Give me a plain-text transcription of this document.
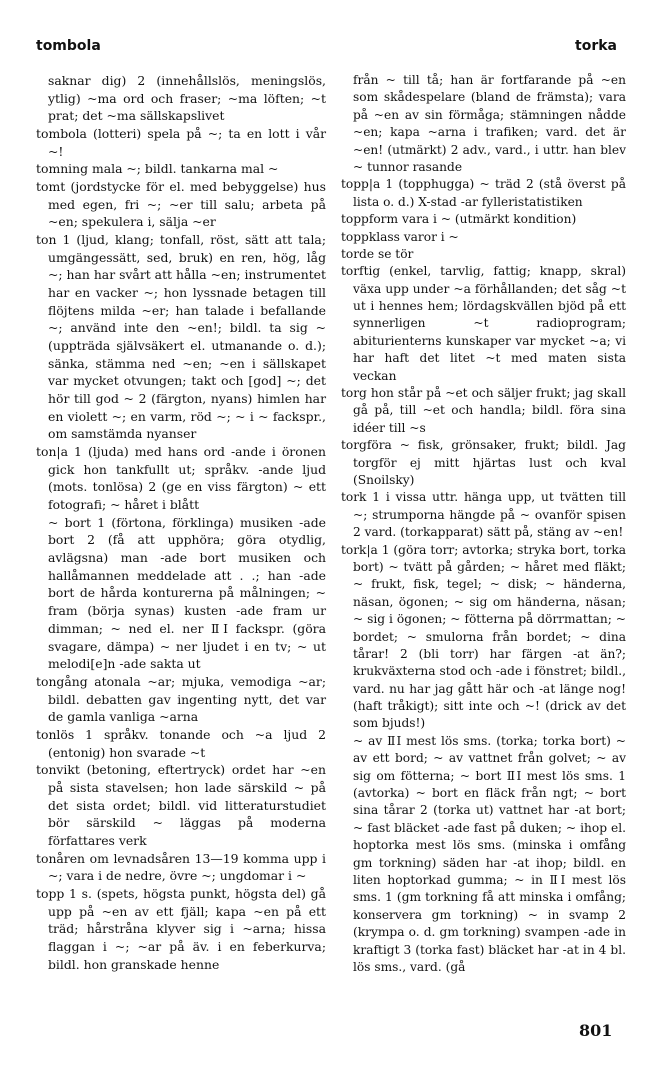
tombola	torka

saknar dig) 2 (innehållslös, meningslös, ytlig) ~ma ord och fraser; ~ma löften; ~t prat; det ~ma sällskapslivet

tombola (lotteri) spela på ~; ta en lott i vår ~!

tomning mala ~; bildl. tankarna mal ~

tomt (jordstycke för el. med bebyggelse) hus med egen, fri ~; ~er till salu; arbeta på ~en; spekulera i, sälja ~er

ton 1 (ljud, klang; tonfall, röst, sätt att tala; umgängessätt, sed, bruk) en ren, hög, låg ~; han har svårt att hålla ~en; instrumentet har en vacker ~; hon lyssnade betagen till flöjtens milda ~er; han talade i befallande ~; använd inte den ~en!; bildl. ta sig ~ (uppträda självsäkert el. utmanande o. d.); sänka, stämma ned ~en; ~en i sällskapet var mycket otvungen; takt och [god] ~; det hör till god ~ 2 (färgton, nyans) himlen har en violett ~; en varm, röd ~; ~ i ~ fackspr., om samstämda nyanser

ton|a 1 (ljuda) med hans ord -ande i öronen gick hon tankfullt ut; språkv. -ande ljud (mots. tonlösa) 2 (ge en viss färgton) ~ ett fotografi; ~ håret i blått

~ bort 1 (förtona, förklinga) musiken -ade bort 2 (få att upphöra; göra otydlig, avlägsna) man -ade bort musiken och hallåmannen meddelade att . .; han -ade bort de hårda konturerna på målningen; ~ fram (börja synas) kusten -ade fram ur dimman; ~ ned el. ner ⅡI fackspr. (göra svagare, dämpa) ~ ner ljudet i en tv; ~ ut melodi[e]n -ade sakta ut

tongång atonala ~ar; mjuka, vemodiga ~ar; bildl. debatten gav ingenting nytt, det var de gamla vanliga ~arna

tonlös 1 språkv. tonande och ~a ljud 2 (entonig) hon svarade ~t

tonvikt (betoning, eftertryck) ordet har ~en på sista stavelsen; hon lade särskild ~ på det sista ordet; bildl. vid litteraturstudiet bör särskild ~ läggas på moderna författares verk

tonåren om levnadsåren 13—19 komma upp i ~; vara i de nedre, övre ~; ungdomar i ~

topp 1 s. (spets, högsta punkt, högsta del) gå upp på ~en av ett fjäll; kapa ~en på ett träd; hårstråna klyver sig i ~arna; hissa flaggan i ~; ~ar på äv. i en feberkurva; bildl. hon granskade henne

från ~ till tå; han är fortfarande på ~en som skådespelare (bland de främsta); vara på ~en av sin förmåga; stämningen nådde ~en; kapa ~arna i trafiken; vard. det är ~en! (utmärkt) 2 adv., vard., i uttr. han blev ~ tunnor rasande

topp|a 1 (topphugga) ~ träd 2 (stå överst på lista o. d.) X-stad -ar fylleristatistiken

toppform vara i ~ (utmärkt kondition)

toppklass varor i ~

torde se tör

torftig (enkel, tarvlig, fattig; knapp, skral) växa upp under ~a förhållanden; det såg ~t ut i hennes hem; lördagskvällen bjöd på ett synnerligen ~t radioprogram; abiturienterns kunskaper var mycket ~a; vi har haft det litet ~t med maten sista veckan

torg hon står på ~et och säljer frukt; jag skall gå på, till ~et och handla; bildl. föra sina idéer till ~s

torgföra ~ fisk, grönsaker, frukt; bildl. Jag torgför ej mitt hjärtas lust och kval (Snoilsky)

tork 1 i vissa uttr. hänga upp, ut tvätten till ~; strumporna hängde på ~ ovanför spisen 2 vard. (torkapparat) sätt på, stäng av ~en!

tork|a 1 (göra torr; avtorka; stryka bort, torka bort) ~ tvätt på gården; ~ håret med fläkt; ~ frukt, fisk, tegel; ~ disk; ~ händerna, näsan, ögonen; ~ sig om händerna, näsan; ~ sig i ögonen; ~ fötterna på dörrmattan; ~ bordet; ~ smulorna från bordet; ~ dina tårar! 2 (bli torr) har färgen -at än?; krukväxterna stod och -ade i fönstret; bildl., vard. nu har jag gått här och -at länge nog! (haft tråkigt); sitt inte och ~! (drick av det som bjuds!)

~ av ⅡI mest lös sms. (torka; torka bort) ~ av ett bord; ~ av vattnet från golvet; ~ av sig om fötterna; ~ bort ⅡI mest lös sms. 1 (avtorka) ~ bort en fläck från ngt; ~ bort sina tårar 2 (torka ut) vattnet har -at bort; ~ fast bläcket -ade fast på duken; ~ ihop el. hoptorka mest lös sms. (minska i omfång gm torkning) säden har -at ihop; bildl. en liten hoptorkad gumma; ~ in ⅡI mest lös sms. 1 (gm torkning få att minska i omfång; konservera gm torkning) ~ in svamp 2 (krympa o. d. gm torkning) svampen -ade in kraftigt 3 (torka fast) bläcket har -at in 4 bl. lös sms., vard. (gå

801
